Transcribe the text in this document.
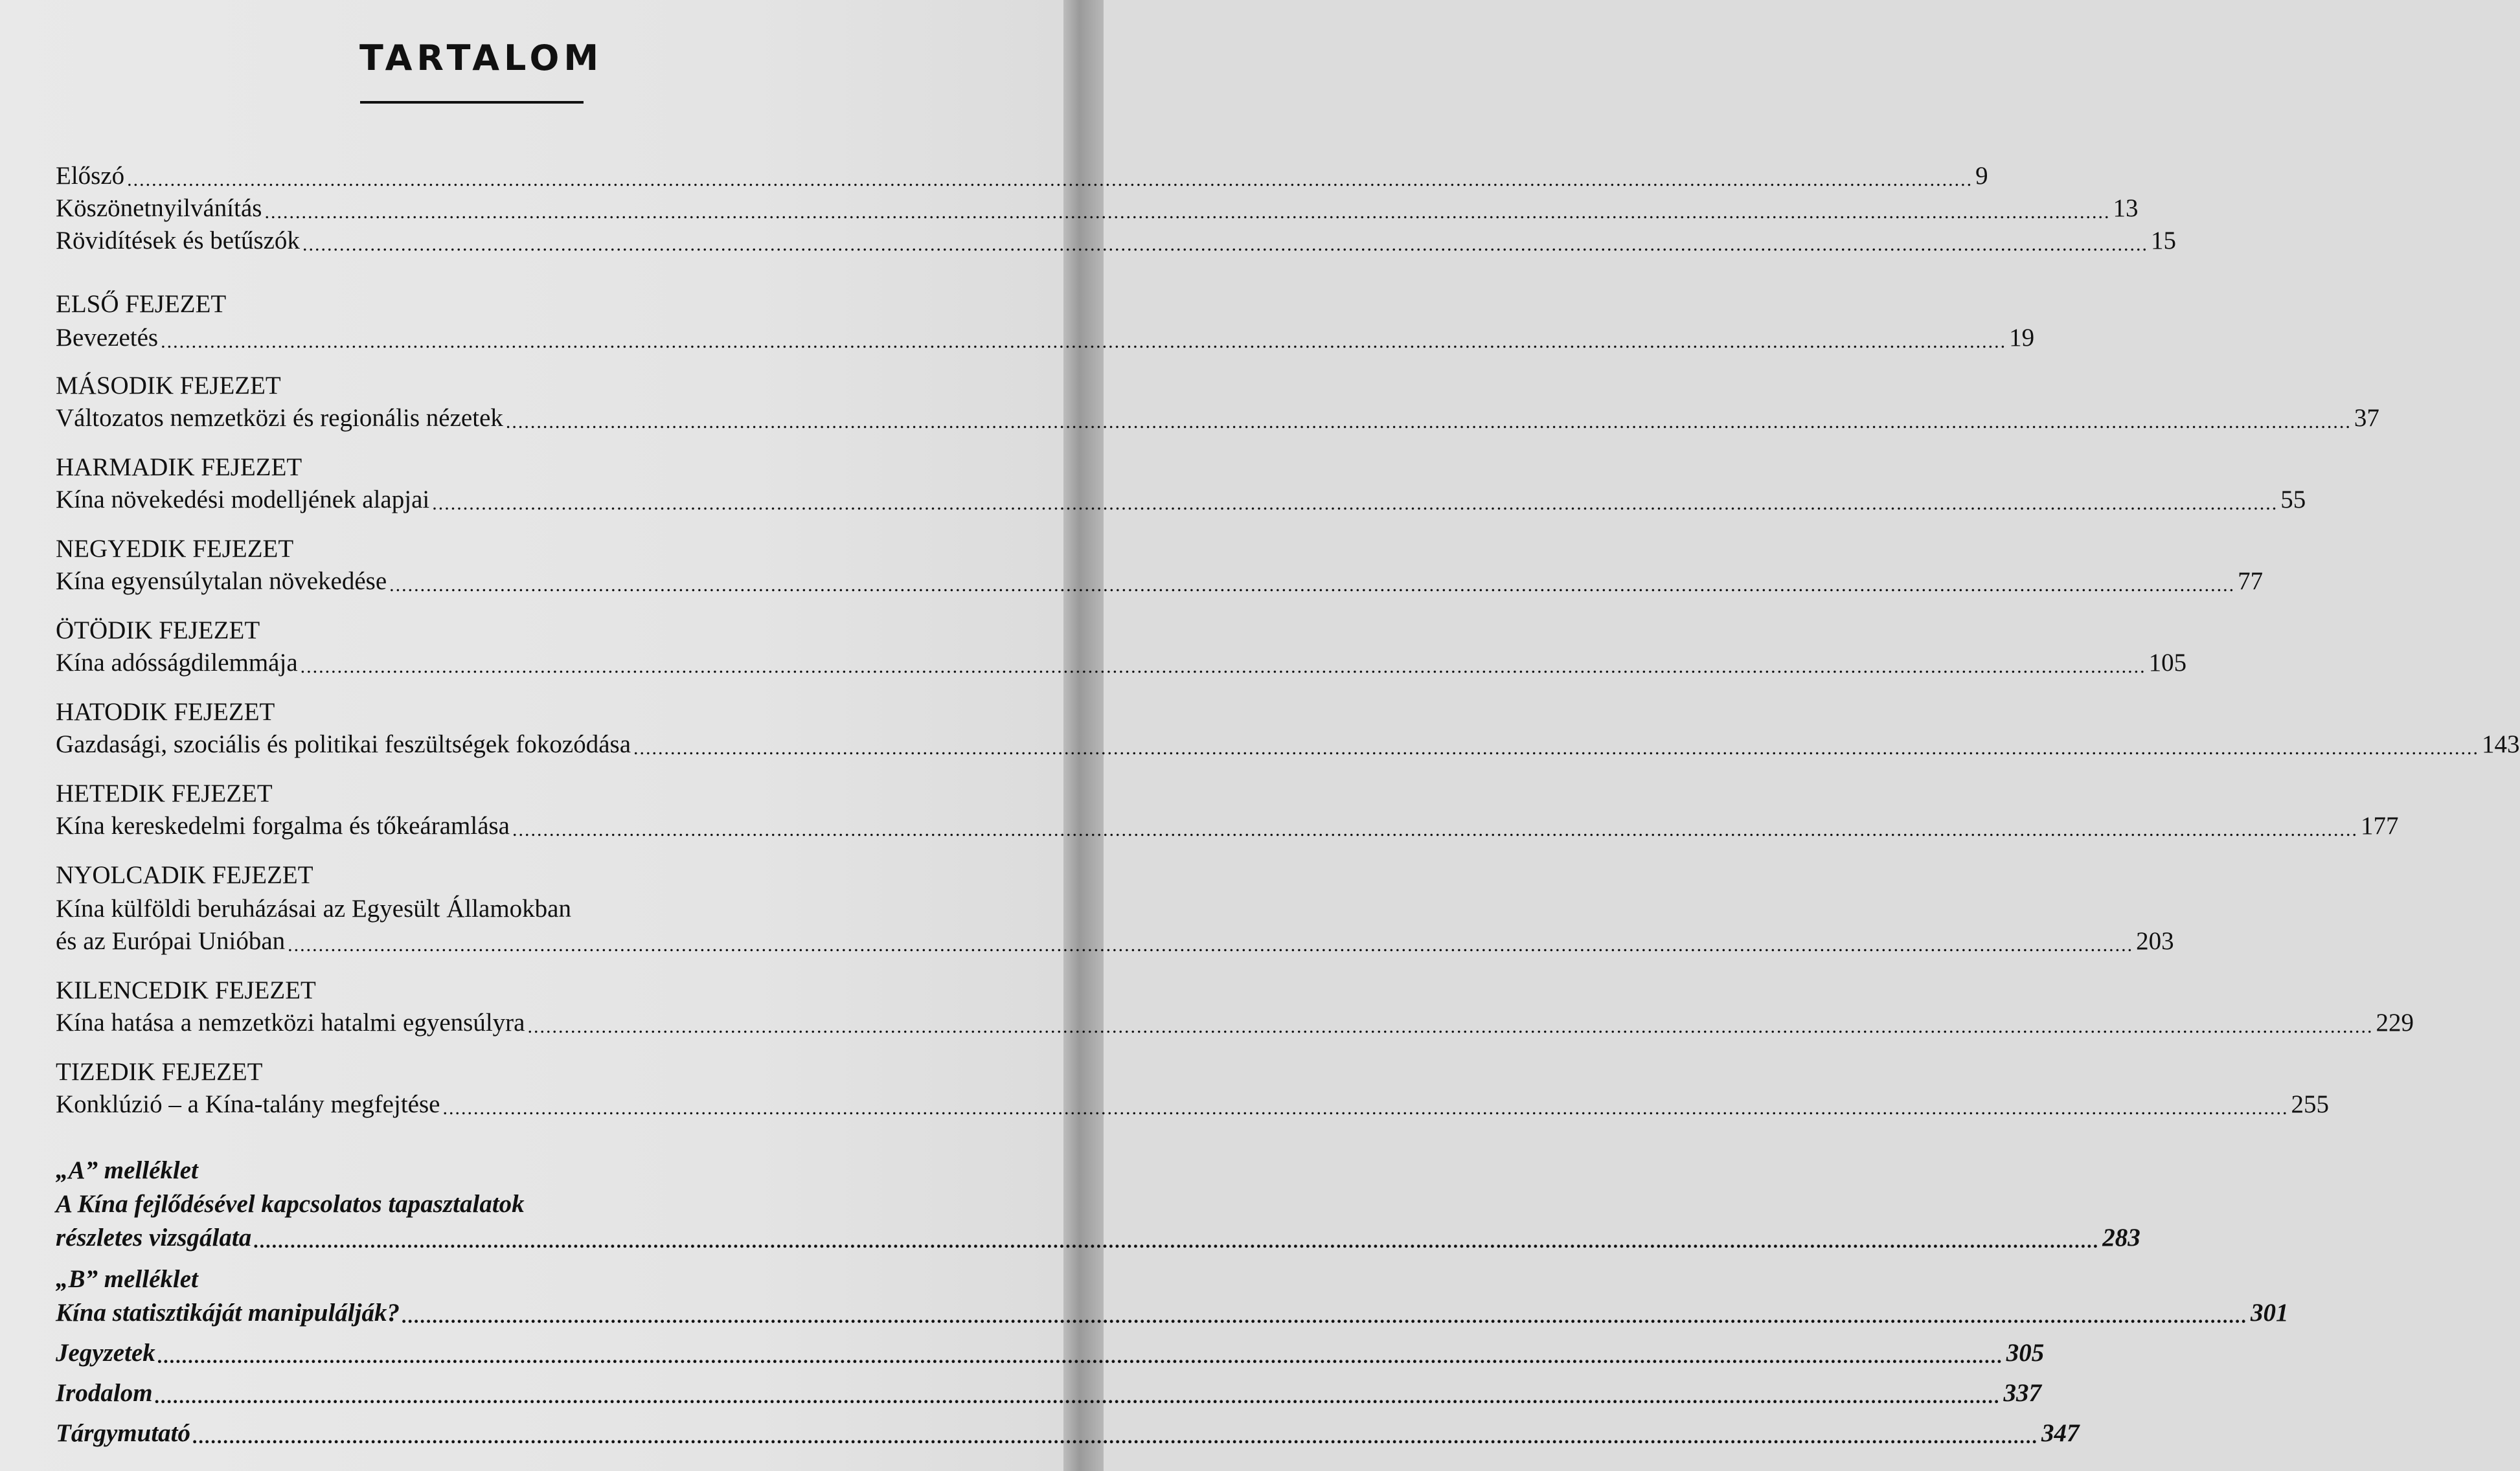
TARTALOM
Előszó ............................................................................................................................................................................................................................................................................................................ 9
Köszönetnyilvánítás ............................................................................................................................................................................................................................................................................................................ 13
Rövidítések és betűszók ............................................................................................................................................................................................................................................................................................................ 15
ELSŐ FEJEZET
Bevezetés ............................................................................................................................................................................................................................................................................................................ 19
MÁSODIK FEJEZET
Változatos nemzetközi és regionális nézetek ............................................................................................................................................................................................................................................................................................................ 37
HARMADIK FEJEZET
Kína növekedési modelljének alapjai ............................................................................................................................................................................................................................................................................................................ 55
NEGYEDIK FEJEZET
Kína egyensúlytalan növekedése ............................................................................................................................................................................................................................................................................................................ 77
ÖTÖDIK FEJEZET
Kína adósságdilemmája ............................................................................................................................................................................................................................................................................................................ 105
HATODIK FEJEZET
Gazdasági, szociális és politikai feszültségek fokozódása ............................................................................................................................................................................................................................................................................................................ 143
HETEDIK FEJEZET
Kína kereskedelmi forgalma és tőkeáramlása ............................................................................................................................................................................................................................................................................................................ 177
NYOLCADIK FEJEZET
Kína külföldi beruházásai az Egyesült Államokban
és az Európai Unióban ............................................................................................................................................................................................................................................................................................................ 203
KILENCEDIK FEJEZET
Kína hatása a nemzetközi hatalmi egyensúlyra ............................................................................................................................................................................................................................................................................................................ 229
TIZEDIK FEJEZET
Konklúzió – a Kína-talány megfejtése ............................................................................................................................................................................................................................................................................................................ 255
„A” melléklet
A Kína fejlődésével kapcsolatos tapasztalatok
részletes vizsgálata ............................................................................................................................................................................................................................................................................................................ 283
„B” melléklet
Kína statisztikáját manipulálják? ............................................................................................................................................................................................................................................................................................................ 301
Jegyzetek ............................................................................................................................................................................................................................................................................................................ 305
Irodalom ............................................................................................................................................................................................................................................................................................................ 337
Tárgymutató ............................................................................................................................................................................................................................................................................................................ 347
